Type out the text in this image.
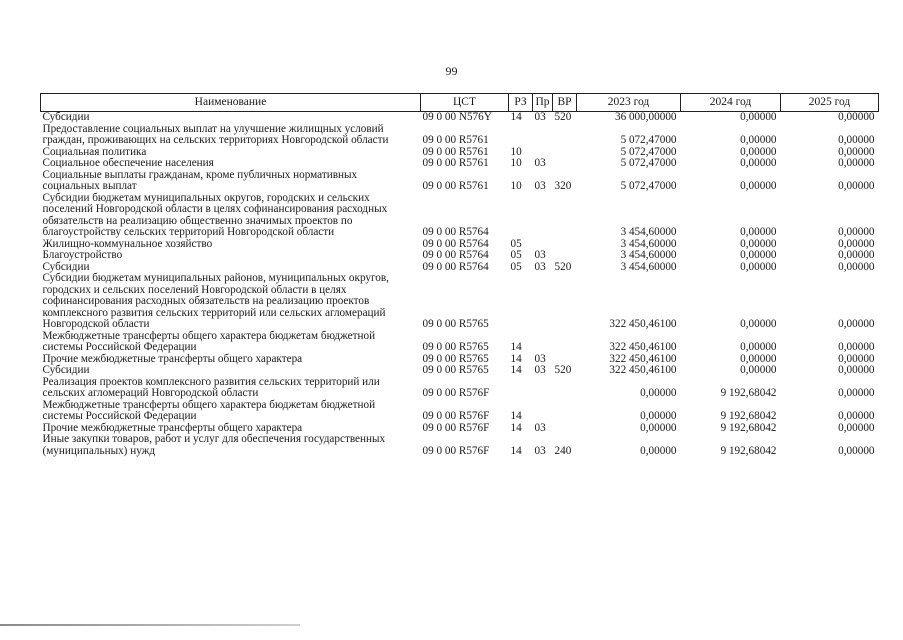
99
Наименование	ЦСТ	РЗ	Пр	ВР	2023 год	2024 год	2025 год
Субсидии	09 0 00 N576Y	14	03	520	36 000,00000	0,00000	0,00000
Предоставление социальных выплат на улучшение жилищных условий граждан, проживающих на сельских территориях Новгородской области	09 0 00 R5761				5 072,47000	0,00000	0,00000
Социальная политика	09 0 00 R5761	10			5 072,47000	0,00000	0,00000
Социальное обеспечение населения	09 0 00 R5761	10	03		5 072,47000	0,00000	0,00000
Социальные выплаты гражданам, кроме публичных нормативных социальных выплат	09 0 00 R5761	10	03	320	5 072,47000	0,00000	0,00000
Субсидии бюджетам муниципальных округов, городских и сельских поселений Новгородской области в целях софинансирования расходных обязательств на реализацию общественно значимых проектов по благоустройству сельских территорий Новгородской области	09 0 00 R5764				3 454,60000	0,00000	0,00000
Жилищно-коммунальное хозяйство	09 0 00 R5764	05			3 454,60000	0,00000	0,00000
Благоустройство	09 0 00 R5764	05	03		3 454,60000	0,00000	0,00000
Субсидии	09 0 00 R5764	05	03	520	3 454,60000	0,00000	0,00000
Субсидии бюджетам муниципальных районов, муниципальных округов, городских и сельских поселений Новгородской области в целях софинансирования расходных обязательств на реализацию проектов комплексного развития сельских территорий или сельских агломераций Новгородской области	09 0 00 R5765				322 450,46100	0,00000	0,00000
Межбюджетные трансферты общего характера бюджетам бюджетной системы Российской Федерации	09 0 00 R5765	14			322 450,46100	0,00000	0,00000
Прочие межбюджетные трансферты общего характера	09 0 00 R5765	14	03		322 450,46100	0,00000	0,00000
Субсидии	09 0 00 R5765	14	03	520	322 450,46100	0,00000	0,00000
Реализация проектов комплексного развития сельских территорий или сельских агломераций Новгородской области	09 0 00 R576F				0,00000	9 192,68042	0,00000
Межбюджетные трансферты общего характера бюджетам бюджетной системы Российской Федерации	09 0 00 R576F	14			0,00000	9 192,68042	0,00000
Прочие межбюджетные трансферты общего характера	09 0 00 R576F	14	03		0,00000	9 192,68042	0,00000
Иные закупки товаров, работ и услуг для обеспечения государственных (муниципальных) нужд	09 0 00 R576F	14	03	240	0,00000	9 192,68042	0,00000
